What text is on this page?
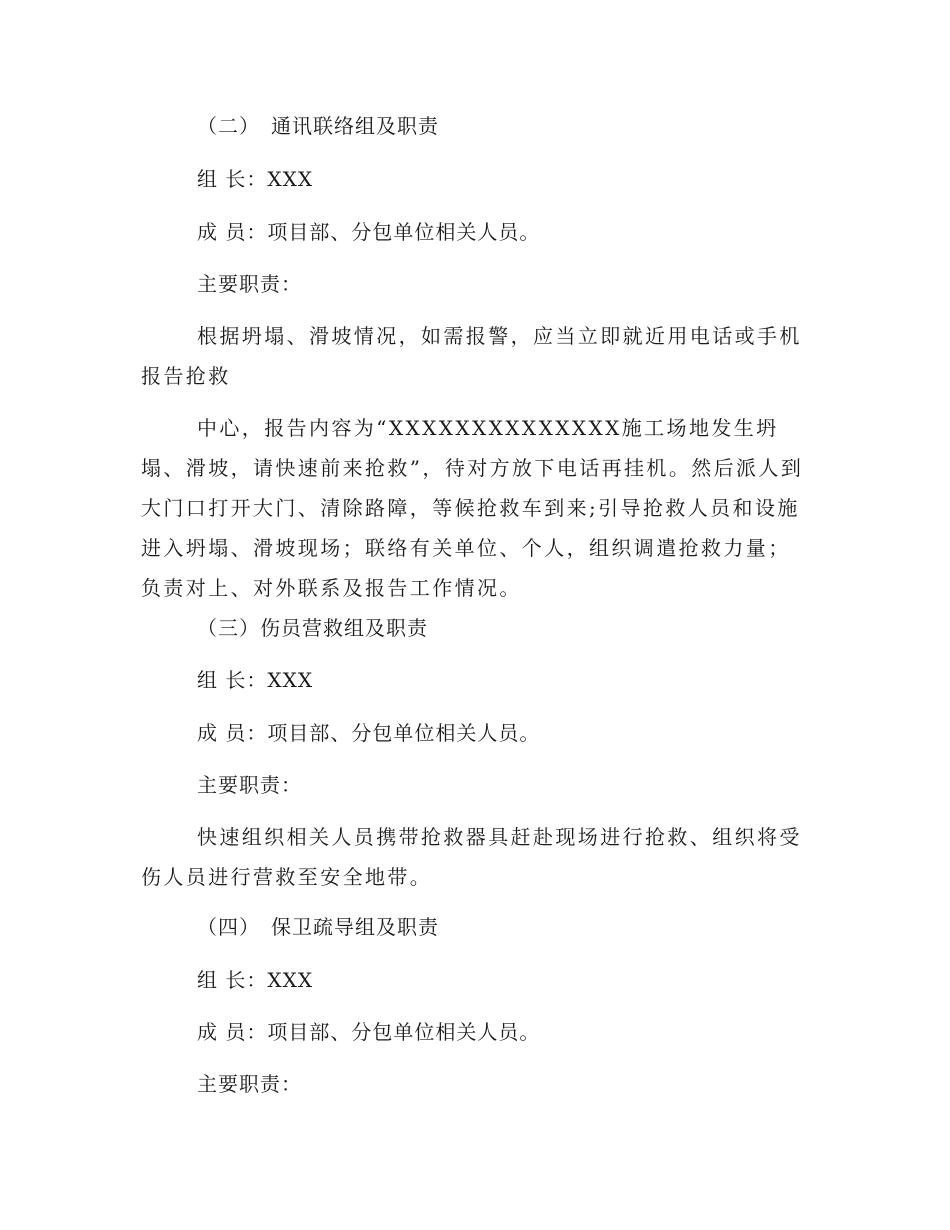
（二）　通讯联络组及职责
组 长：XXX
成 员：项目部、分包单位相关人员。
主要职责：
根据坍塌、滑坡情况，如需报警，应当立即就近用电话或手机报告抢救
中心，报告内容为“XXXXXXXXXXXXXX施工场地发生坍塌、滑坡，请快速前来抢救”，待对方放下电话再挂机。然后派人到大门口打开大门、清除路障，等候抢救车到来;引导抢救人员和设施进入坍塌、滑坡现场；联络有关单位、个人，组织调遣抢救力量；负责对上、对外联系及报告工作情况。
（三）伤员营救组及职责
组 长：XXX
成 员：项目部、分包单位相关人员。
主要职责：
快速组织相关人员携带抢救器具赶赴现场进行抢救、组织将受伤人员进行营救至安全地带。
（四）　保卫疏导组及职责
组 长：XXX
成 员：项目部、分包单位相关人员。
主要职责：
